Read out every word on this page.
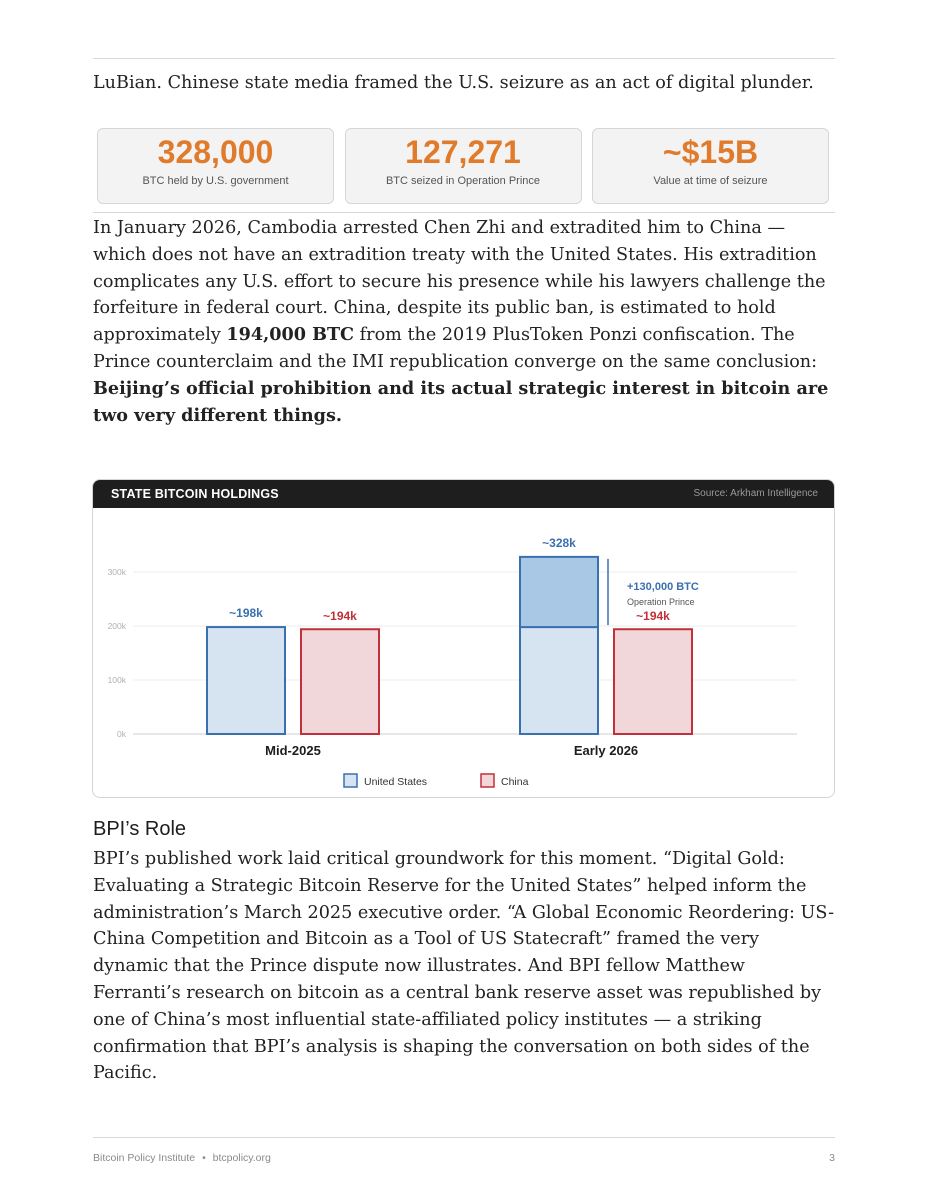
LuBian. Chinese state media framed the U.S. seizure as an act of digital plunder.

328,000
BTC held by U.S. government
127,271
BTC seized in Operation Prince
~$15B
Value at time of seizure

In January 2026, Cambodia arrested Chen Zhi and extradited him to China — which does not have an extradition treaty with the United States. His extradition complicates any U.S. effort to secure his presence while his lawyers challenge the forfeiture in federal court. China, despite its public ban, is estimated to hold approximately 194,000 BTC from the 2019 PlusToken Ponzi confiscation. The Prince counterclaim and the IMI republication converge on the same conclusion: Beijing’s official prohibition and its actual strategic interest in bitcoin are two very different things.

STATE BITCOIN HOLDINGS	Source: Arkham Intelligence
0k
100k
200k
300k
~198k	~194k
Mid-2025
+130,000 BTC
Operation Prince
~328k
~194k
Early 2026
United States	China
BPI’s Role

BPI’s published work laid critical groundwork for this moment. “Digital Gold: Evaluating a Strategic Bitcoin Reserve for the United States” helped inform the administration’s March 2025 executive order. “A Global Economic Reordering: US-China Competition and Bitcoin as a Tool of US Statecraft” framed the very dynamic that the Prince dispute now illustrates. And BPI fellow Matthew Ferranti’s research on bitcoin as a central bank reserve asset was republished by one of China’s most influential state-affiliated policy institutes — a striking confirmation that BPI’s analysis is shaping the conversation on both sides of the Pacific.

Bitcoin Policy Institute • btcpolicy.org	3
